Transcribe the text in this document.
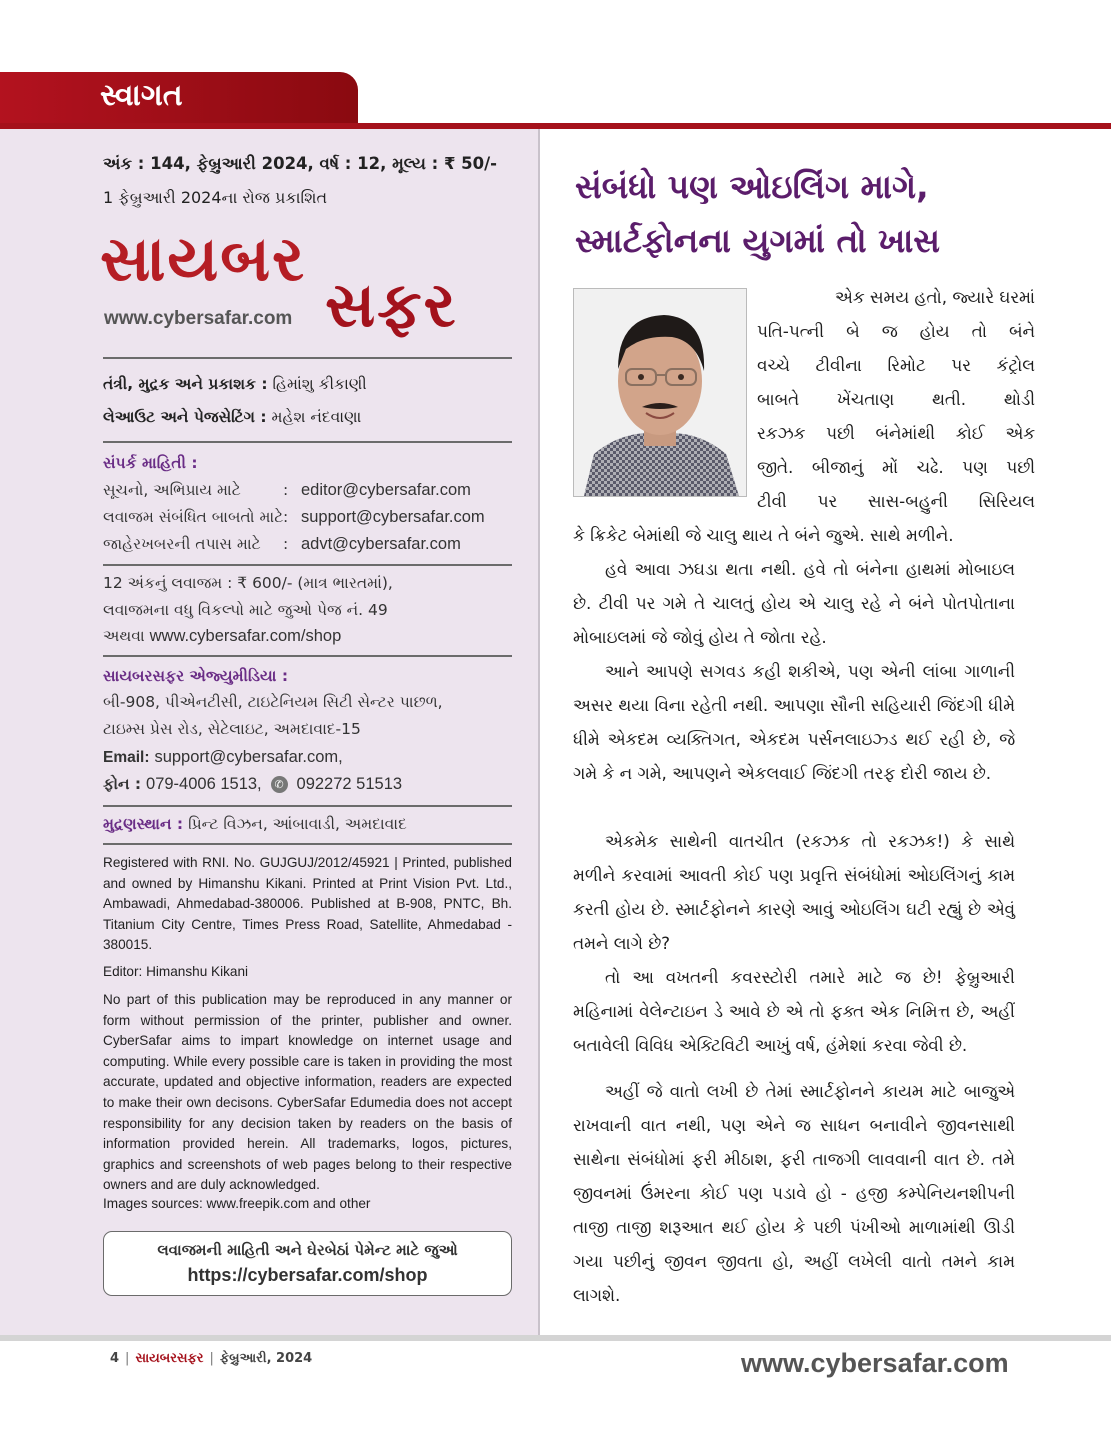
સ્વાગત
અંક : 144, ફેબ્રુઆરી 2024, વર્ષ : 12, મૂલ્ય : ₹ 50/-
1 ફેબ્રુઆરી 2024ના રોજ પ્રકાશિત
સાયબર
સફર
www.cybersafar.com
તંત્રી, મુદ્રક અને પ્રકાશક : હિમાંશુ કીકાણી
લેઆઉટ અને પેજસેટિંગ : મહેશ નંદવાણા
સંપર્ક માહિતી :
સૂચનો, અભિપ્રાય માટે	: editor@cybersafar.com
લવાજમ સંબંધિત બાબતો માટે : support@cybersafar.com
જાહેરખબરની તપાસ માટે : advt@cybersafar.com
12 અંકનું લવાજમ : ₹ 600/- (માત્ર ભારતમાં),
લવાજમના વધુ વિકલ્પો માટે જુઓ પેજ નં. 49
અથવા www.cybersafar.com/shop
સાયબરસફર એજ્યુમીડિયા :
બી-908, પીએનટીસી, ટાઇટેનિયમ સિટી સેન્ટર પાછળ,
ટાઇમ્સ પ્રેસ રોડ, સેટેલાઇટ, અમદાવાદ-15
Email: support@cybersafar.com,
ફોન : 079-4006 1513, ✆ 092272 51513
મુદ્રણસ્થાન : પ્રિન્ટ વિઝન, આંબાવાડી, અમદાવાદ
Registered with RNI. No. GUJGUJ/2012/45921 | Printed, published and owned by Himanshu Kikani. Printed at Print Vision Pvt. Ltd., Ambawadi, Ahmedabad-380006. Published at B-908, PNTC, Bh. Titanium City Centre, Times Press Road, Satellite, Ahmedabad - 380015.
Editor: Himanshu Kikani
No part of this publication may be reproduced in any manner or form without permission of the printer, publisher and owner. CyberSafar aims to impart knowledge on internet usage and computing. While every possible care is taken in providing the most accurate, updated and objective information, readers are expected to make their own decisons. CyberSafar Edumedia does not accept responsibility for any decision taken by readers on the basis of information provided herein. All trademarks, logos, pictures, graphics and screenshots of web pages belong to their respective owners and are duly acknowledged.
Images sources: www.freepik.com and other
લવાજમની માહિતી અને ઘેરબેઠાં પેમેન્ટ માટે જુઓ
https://cybersafar.com/shop
સંબંધો પણ ઓઇલિંગ માગે,
સ્માર્ટફોનના યુગમાં તો ખાસ
એક સમય હતો, જ્યારે ઘરમાં
પતિ-પત્ની બે જ હોય તો બંને
વચ્ચે ટીવીના રિમોટ પર કંટ્રોલ
બાબતે ખેંચતાણ થતી. થોડી
રકઝક પછી બંનેમાંથી કોઈ એક
જીતે. બીજાનું મોં ચઢે. પણ પછી
ટીવી પર સાસ-બહુની સિરિયલ
કે ક્રિકેટ બેમાંથી જે ચાલુ થાય તે બંને જુએ. સાથે મળીને.
હવે આવા ઝઘડા થતા નથી. હવે તો બંનેના હાથમાં મોબાઇલ છે. ટીવી પર ગમે તે ચાલતું હોય એ ચાલુ રહે ને બંને પોતપોતાના મોબાઇલમાં જે જોવું હોય તે જોતા રહે.
આને આપણે સગવડ કહી શકીએ, પણ એની લાંબા ગાળાની અસર થયા વિના રહેતી નથી. આપણા સૌની સહિયારી જિંદગી ધીમે ધીમે એકદમ વ્યક્તિગત, એકદમ પર્સનલાઇઝ્ડ થઈ રહી છે, જે ગમે કે ન ગમે, આપણને એકલવાઈ જિંદગી તરફ દોરી જાય છે.
એકમેક સાથેની વાતચીત (રકઝક તો રકઝક!) કે સાથે મળીને કરવામાં આવતી કોઈ પણ પ્રવૃત્તિ સંબંધોમાં ઓઇલિંગનું કામ કરતી હોય છે. સ્માર્ટફોનને કારણે આવું ઓઇલિંગ ઘટી રહ્યું છે એવું તમને લાગે છે?
તો આ વખતની કવરસ્ટોરી તમારે માટે જ છે! ફેબ્રુઆરી મહિનામાં વેલેન્ટાઇન ડે આવે છે એ તો ફક્ત એક નિમિત્ત છે, અહીં બતાવેલી વિવિધ એક્ટિવિટી આખું વર્ષ, હંમેશાં કરવા જેવી છે.
અહીં જે વાતો લખી છે તેમાં સ્માર્ટફોનને કાયમ માટે બાજુએ રાખવાની વાત નથી, પણ એને જ સાધન બનાવીને જીવનસાથી સાથેના સંબંધોમાં ફરી મીઠાશ, ફરી તાજગી લાવવાની વાત છે. તમે જીવનમાં ઉંમરના કોઈ પણ પડાવે હો - હજી કમ્પેનિયનશીપની તાજી તાજી શરૂઆત થઈ હોય કે પછી પંખીઓ માળામાંથી ઊડી ગયા પછીનું જીવન જીવતા હો, અહીં લખેલી વાતો તમને કામ લાગશે.
4 | સાયબરસફર | ફેબ્રુઆરી, 2024	www.cybersafar.com
